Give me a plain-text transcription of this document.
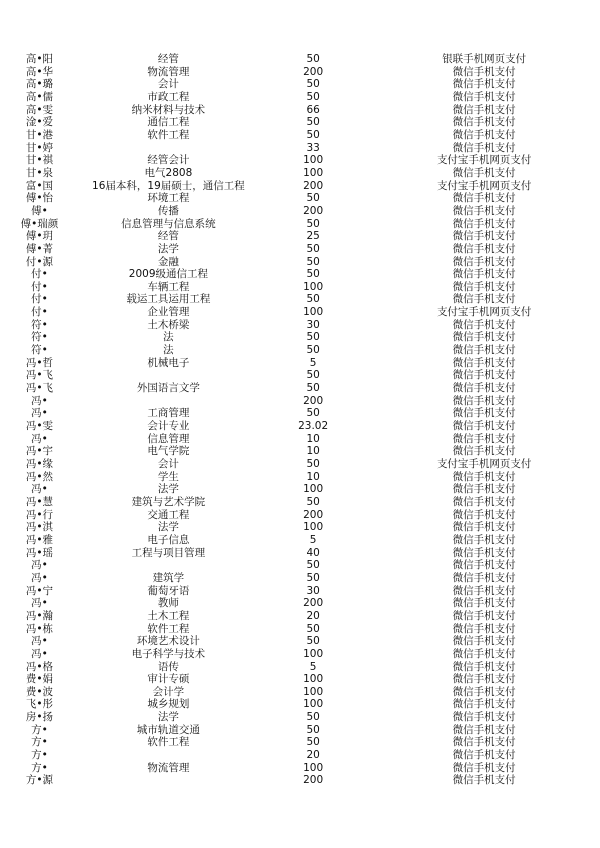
高•阳	经管	50	银联手机网页支付
高•华	物流管理	200	微信手机支付
高•璐	会计	50	微信手机支付
高•儒	市政工程	50	微信手机支付
高•雯	纳米材料与技术	66	微信手机支付
淦•爱	通信工程	50	微信手机支付
甘•港	软件工程	50	微信手机支付
甘•婷		33	微信手机支付
甘•祺	经管会计	100	支付宝手机网页支付
甘•泉	电气2808	100	微信手机支付
富•国	16届本科，19届硕士，通信工程	200	支付宝手机网页支付
傅•怡	环境工程	50	微信手机支付
傅•	传播	200	微信手机支付
傅•瑞颜	信息管理与信息系统	50	微信手机支付
傅•玥	经管	25	微信手机支付
傅•菁	法学	50	微信手机支付
付•源	金融	50	微信手机支付
付•	2009级通信工程	50	微信手机支付
付•	车辆工程	100	微信手机支付
付•	载运工具运用工程	50	微信手机支付
付•	企业管理	100	支付宝手机网页支付
符•	土木桥梁	30	微信手机支付
符•	法	50	微信手机支付
符•	法	50	微信手机支付
冯•哲	机械电子	5	微信手机支付
冯•飞		50	微信手机支付
冯•飞	外国语言文学	50	微信手机支付
冯•		200	微信手机支付
冯•	工商管理	50	微信手机支付
冯•雯	会计专业	23.02	微信手机支付
冯•	信息管理	10	微信手机支付
冯•宇	电气学院	10	微信手机支付
冯•缘	会计	50	支付宝手机网页支付
冯•然	学生	10	微信手机支付
冯•	法学	100	微信手机支付
冯•慧	建筑与艺术学院	50	微信手机支付
冯•行	交通工程	200	微信手机支付
冯•淇	法学	100	微信手机支付
冯•雅	电子信息	5	微信手机支付
冯•瑶	工程与项目管理	40	微信手机支付
冯•		50	微信手机支付
冯•	建筑学	50	微信手机支付
冯•宁	葡萄牙语	30	微信手机支付
冯•	教师	200	微信手机支付
冯•瀚	土木工程	20	微信手机支付
冯•栋	软件工程	50	微信手机支付
冯•	环境艺术设计	50	微信手机支付
冯•	电子科学与技术	100	微信手机支付
冯•格	语传	5	微信手机支付
费•娟	审计专硕	100	微信手机支付
费•波	会计学	100	微信手机支付
飞•彤	城乡规划	100	微信手机支付
房•扬	法学	50	微信手机支付
方•	城市轨道交通	50	微信手机支付
方•	软件工程	50	微信手机支付
方•		20	微信手机支付
方•	物流管理	100	微信手机支付
方•源		200	微信手机支付
